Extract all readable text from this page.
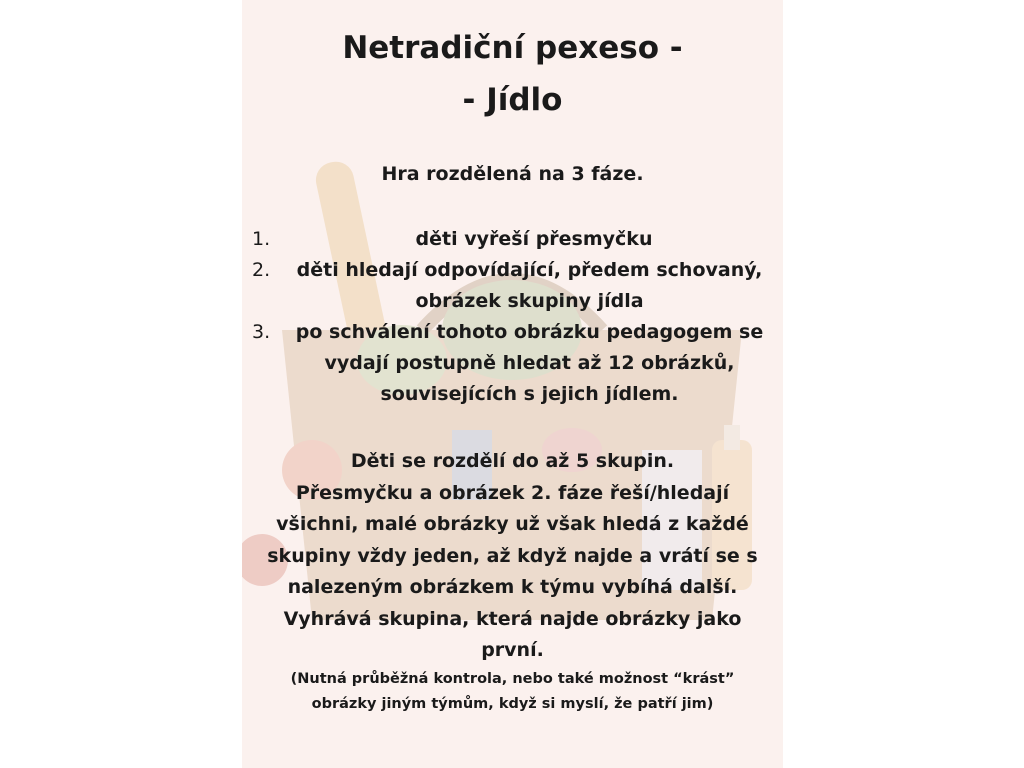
Netradiční pexeso -
- Jídlo
Hra rozdělená na 3 fáze.
1.	děti vyřeší přesmyčku
2.	děti hledají odpovídající, předem schovaný,
obrázek skupiny jídla
3.	po schválení tohoto obrázku pedagogem se
vydají postupně hledat až 12 obrázků,
souvisejících s jejich jídlem.
Děti se rozdělí do až 5 skupin.
Přesmyčku a obrázek 2. fáze řeší/hledají
všichni, malé obrázky už však hledá z každé
skupiny vždy jeden, až když najde a vrátí se s
nalezeným obrázkem k týmu vybíhá další.
Vyhrává skupina, která najde obrázky jako
první.
(Nutná průběžná kontrola, nebo také možnost “krást”
obrázky jiným týmům, když si myslí, že patří jim)
